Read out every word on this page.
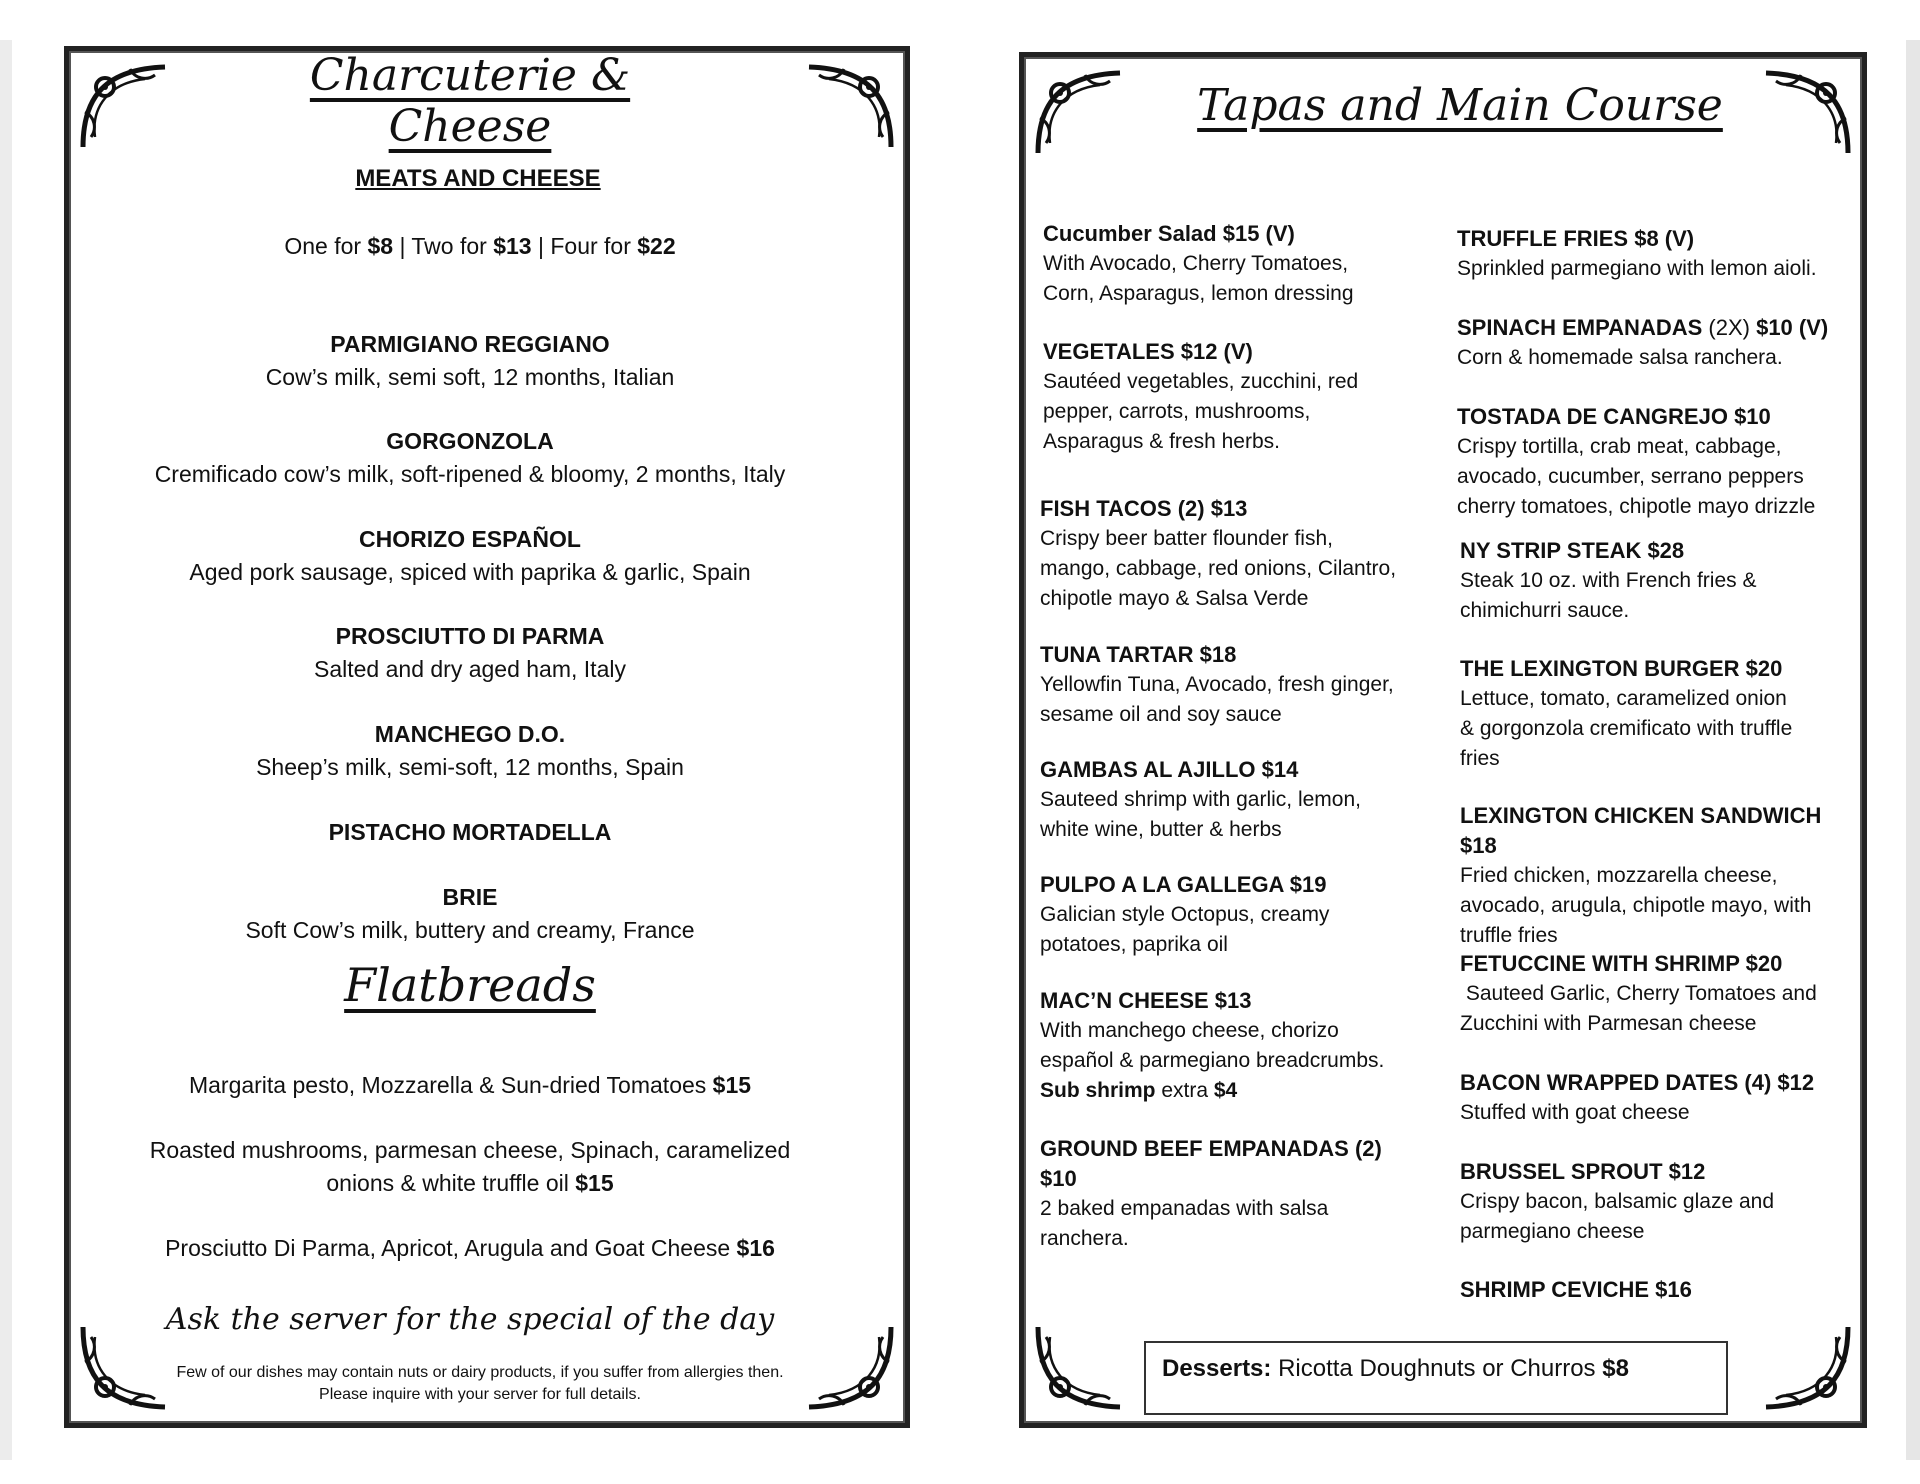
Charcuterie & Cheese
MEATS AND CHEESE
One for $8 | Two for $13 | Four for $22
PARMIGIANO REGGIANO
Cow’s milk, semi soft, 12 months, Italian
GORGONZOLA
Cremificado cow’s milk, soft-ripened & bloomy, 2 months, Italy
CHORIZO ESPAÑOL
Aged pork sausage, spiced with paprika & garlic, Spain
PROSCIUTTO DI PARMA
Salted and dry aged ham, Italy
MANCHEGO D.O.
Sheep’s milk, semi-soft, 12 months, Spain
PISTACHO MORTADELLA
BRIE
Soft Cow’s milk, buttery and creamy, France
Flatbreads
Margarita pesto, Mozzarella & Sun-dried Tomatoes $15
Roasted mushrooms, parmesan cheese, Spinach, caramelized
onions & white truffle oil $15
Prosciutto Di Parma, Apricot, Arugula and Goat Cheese $16
Ask the server for the special of the day
Few of our dishes may contain nuts or dairy products, if you suffer from allergies then.
Please inquire with your server for full details.
Tapas and Main Course
Cucumber Salad $15 (V)
With Avocado, Cherry Tomatoes,
Corn, Asparagus, lemon dressing
VEGETALES $12 (V)
Sautéed vegetables, zucchini, red
pepper, carrots, mushrooms,
Asparagus & fresh herbs.
FISH TACOS (2) $13
Crispy beer batter flounder fish,
mango, cabbage, red onions, Cilantro,
chipotle mayo & Salsa Verde
TUNA TARTAR $18
Yellowfin Tuna, Avocado, fresh ginger,
sesame oil and soy sauce
GAMBAS AL AJILLO $14
Sauteed shrimp with garlic, lemon,
white wine, butter & herbs
PULPO A LA GALLEGA $19
Galician style Octopus, creamy
potatoes, paprika oil
MAC’N CHEESE $13
With manchego cheese, chorizo
español & parmegiano breadcrumbs.
Sub shrimp extra $4
GROUND BEEF EMPANADAS (2) $10
2 baked empanadas with salsa
ranchera.
TRUFFLE FRIES $8 (V)
Sprinkled parmegiano with lemon aioli.
SPINACH EMPANADAS (2X) $10 (V)
Corn & homemade salsa ranchera.
TOSTADA DE CANGREJO $10
Crispy tortilla, crab meat, cabbage,
avocado, cucumber, serrano peppers
cherry tomatoes, chipotle mayo drizzle
NY STRIP STEAK $28
Steak 10 oz. with French fries &
chimichurri sauce.
THE LEXINGTON BURGER $20
Lettuce, tomato, caramelized onion
& gorgonzola cremificato with truffle
fries
LEXINGTON CHICKEN SANDWICH $18
Fried chicken, mozzarella cheese,
avocado, arugula, chipotle mayo, with
truffle fries
FETUCCINE WITH SHRIMP $20
Sauteed Garlic, Cherry Tomatoes and
Zucchini with Parmesan cheese
BACON WRAPPED DATES (4) $12
Stuffed with goat cheese
BRUSSEL SPROUT $12
Crispy bacon, balsamic glaze and
parmegiano cheese
SHRIMP CEVICHE $16
Desserts: Ricotta Doughnuts or Churros $8
